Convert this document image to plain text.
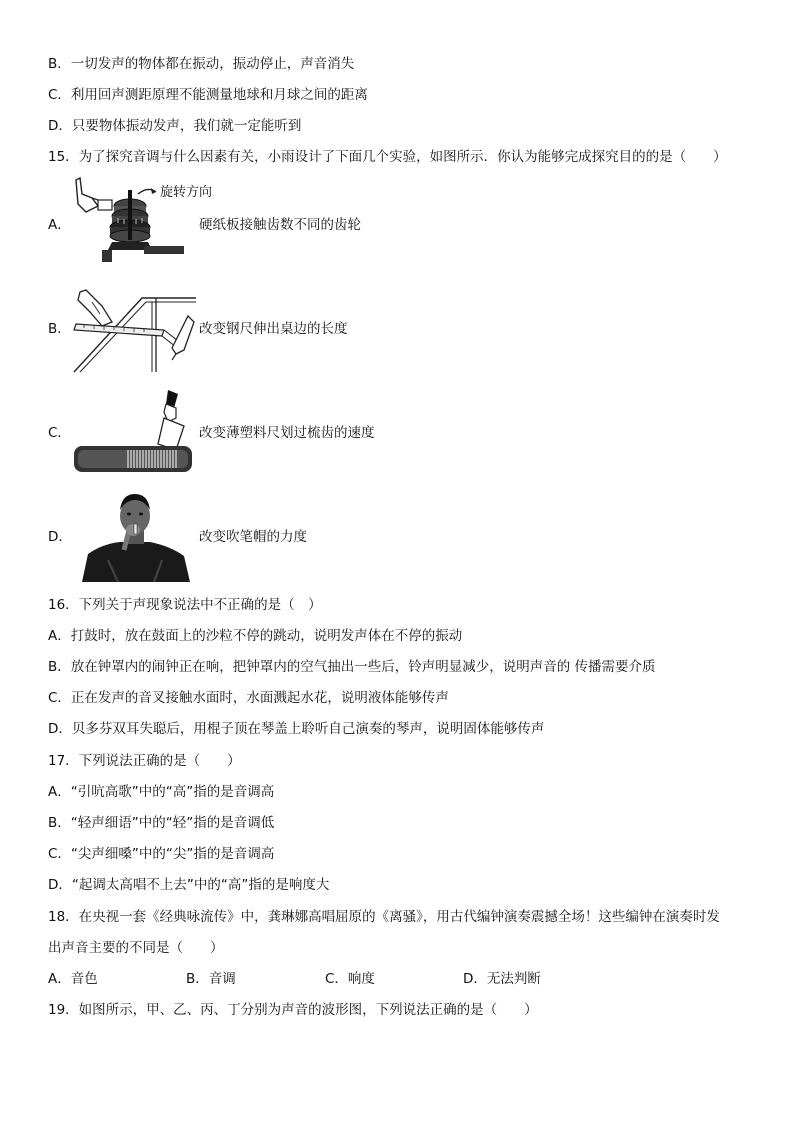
B．一切发声的物体都在振动，振动停止，声音消失
C．利用回声测距原理不能测量地球和月球之间的距离
D．只要物体振动发声，我们就一定能听到
15．为了探究音调与什么因素有关，小雨设计了下面几个实验，如图所示．你认为能够完成探究目的的是（　　）
A．
旋转方向
硬纸板接触齿数不同的齿轮
B．	改变钢尺伸出桌边的长度
C．	改变薄塑料尺划过梳齿的速度
D．	改变吹笔帽的力度
16．下列关于声现象说法中不正确的是（　）
A．打鼓时，放在鼓面上的沙粒不停的跳动，说明发声体在不停的振动
B．放在钟罩内的闹钟正在响，把钟罩内的空气抽出一些后，铃声明显减少，说明声音的 传播需要介质
C．正在发声的音叉接触水面时，水面溅起水花，说明液体能够传声
D．贝多芬双耳失聪后，用棍子顶在琴盖上聆听自己演奏的琴声，说明固体能够传声
17．下列说法正确的是（　　）
A．“引吭高歌”中的“高”指的是音调高
B．“轻声细语”中的“轻”指的是音调低
C．“尖声细嗓”中的“尖”指的是音调高
D．“起调太高唱不上去”中的“高”指的是响度大
18．在央视一套《经典咏流传》中，龚琳娜高唱屈原的《离骚》，用古代编钟演奏震撼全场！这些编钟在演奏时发
出声音主要的不同是（　　）
A．音色	B．音调	C．响度	D．无法判断
19．如图所示，甲、乙、丙、丁分别为声音的波形图，下列说法正确的是（　　）
